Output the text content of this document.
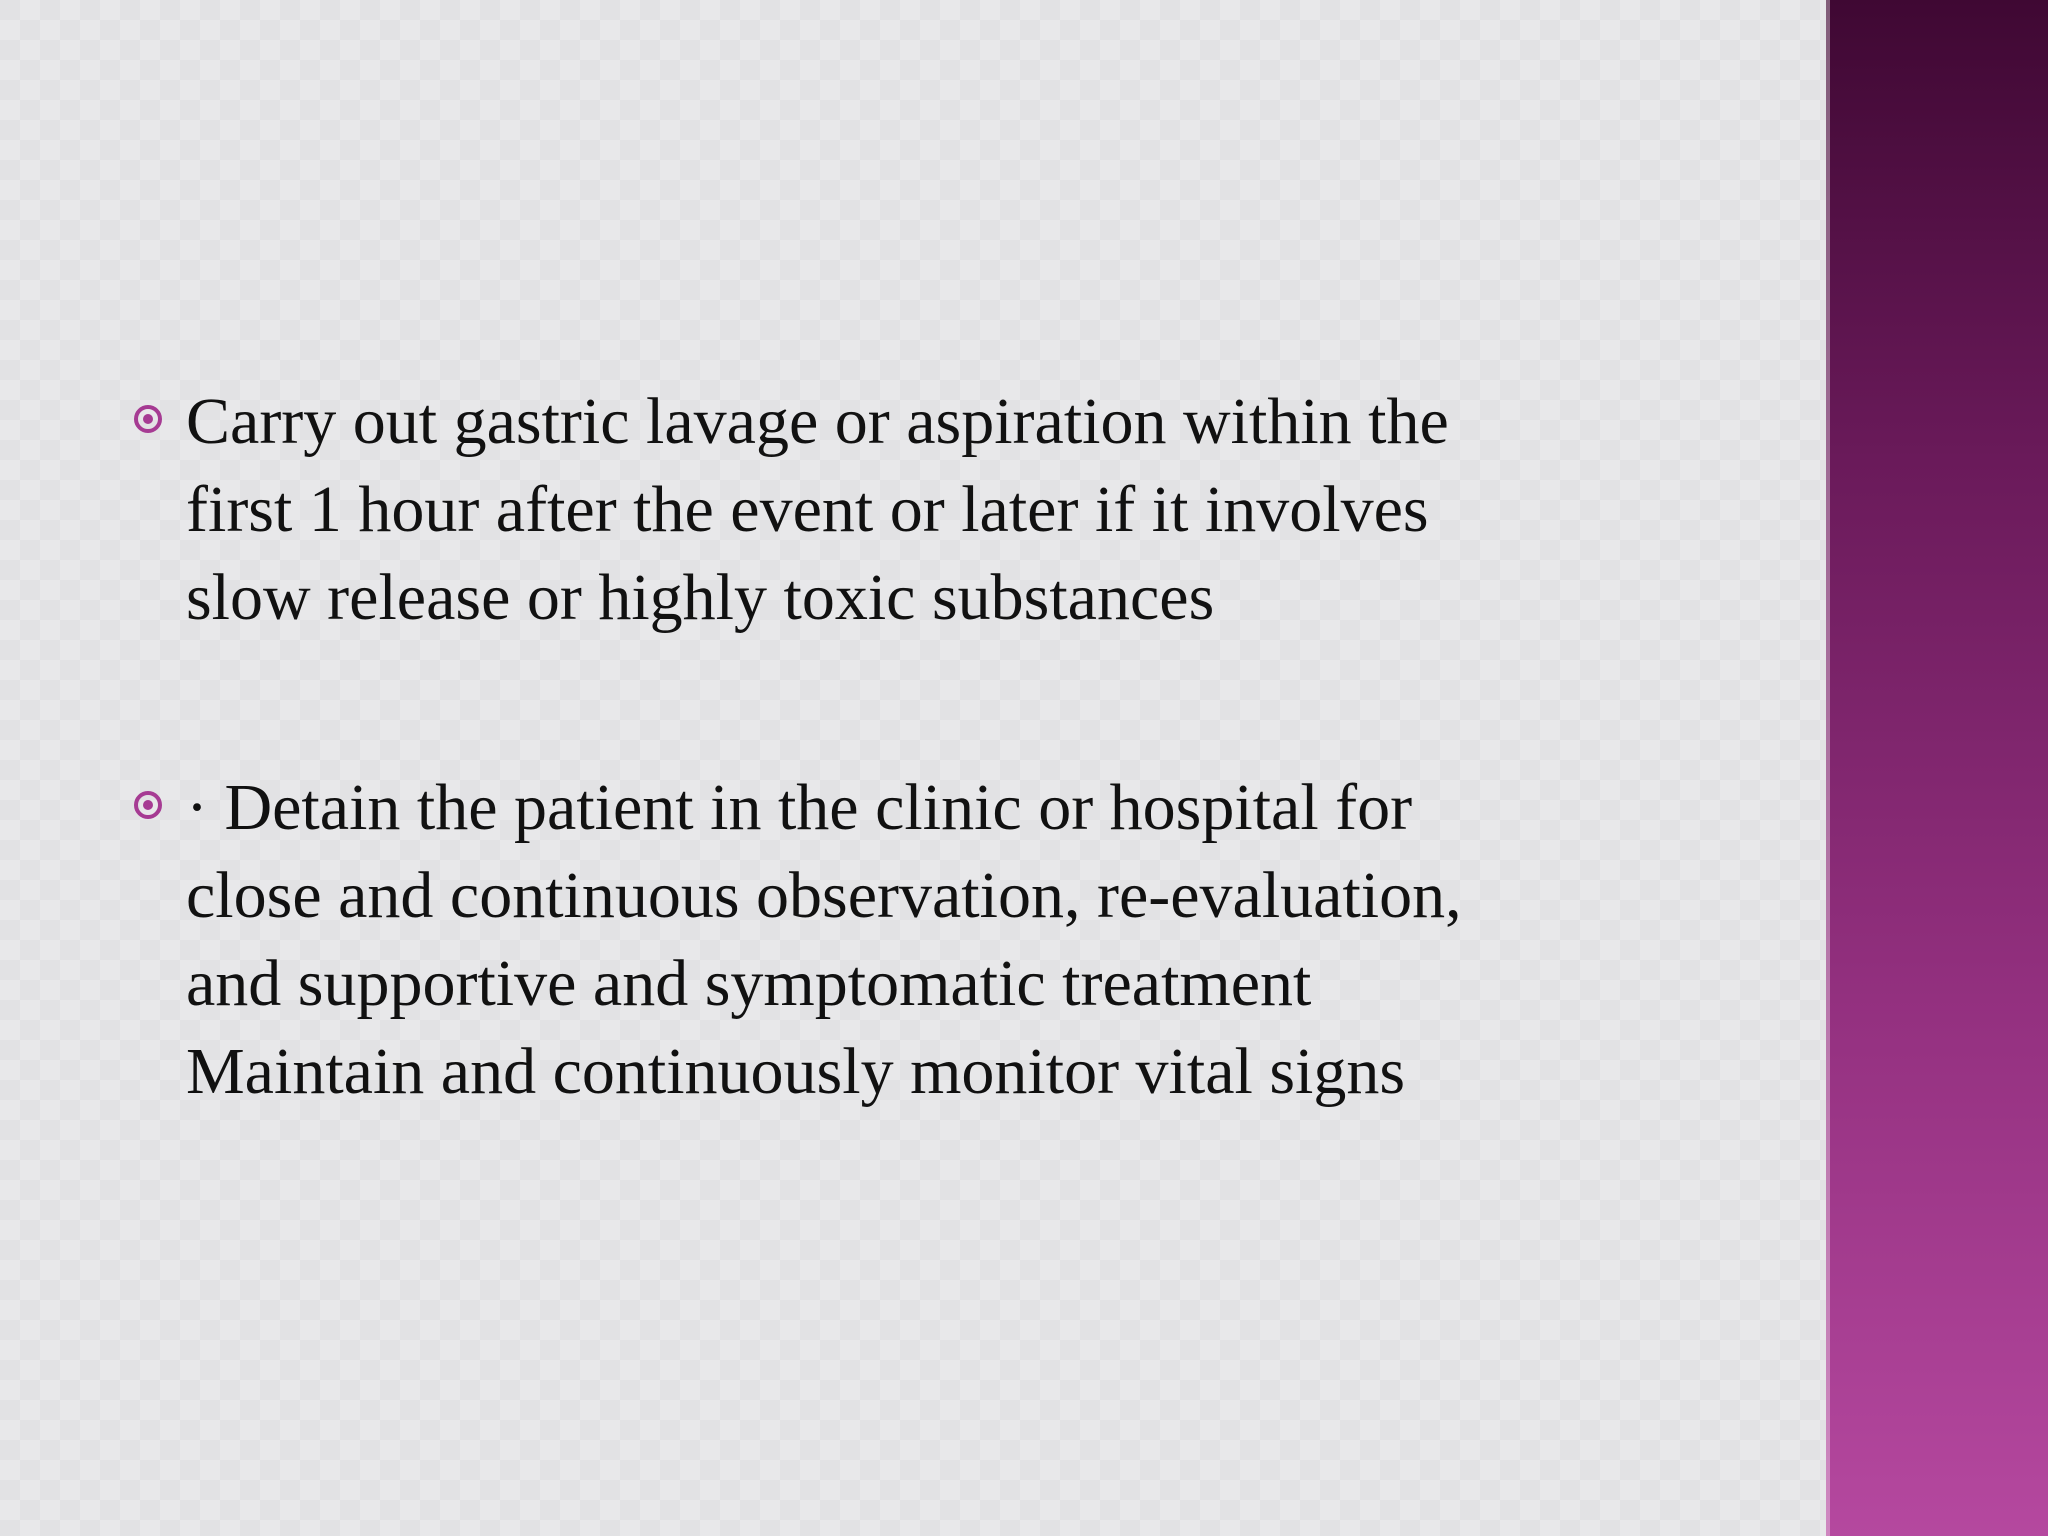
Carry out gastric lavage or aspiration within the
first 1 hour after the event or later if it involves
slow release or highly toxic substances
· Detain the patient in the clinic or hospital for
close and continuous observation, re-evaluation,
and supportive and symptomatic treatment
Maintain and continuously monitor vital signs
